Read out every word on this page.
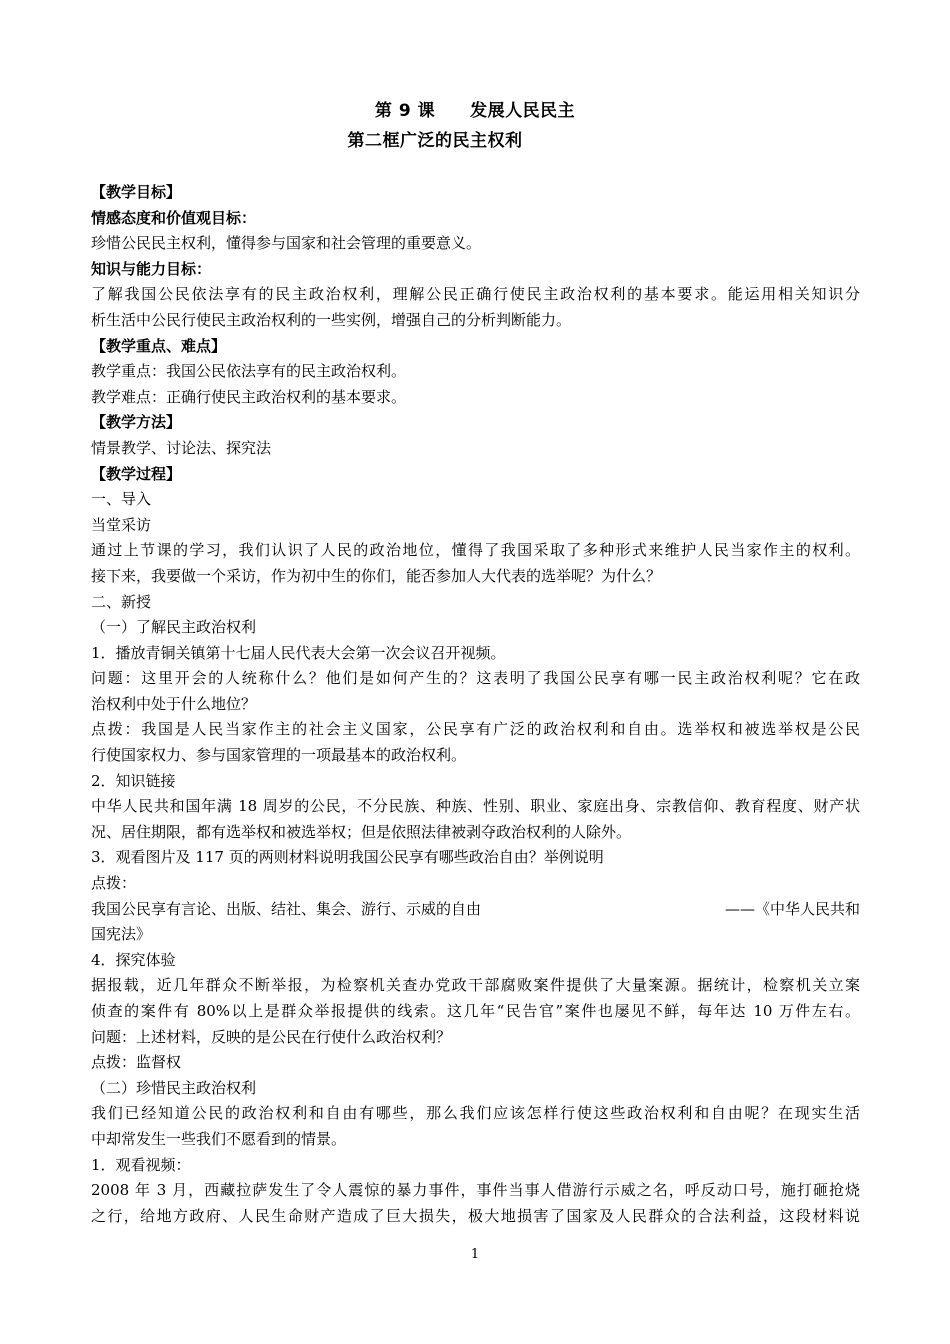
第 9 课　　发展人民民主
第二框广泛的民主权利
【教学目标】
情感态度和价值观目标：
珍惜公民民主权利，懂得参与国家和社会管理的重要意义。
知识与能力目标：
了解我国公民依法享有的民主政治权利，理解公民正确行使民主政治权利的基本要求。能运用相关知识分
析生活中公民行使民主政治权利的一些实例，增强自己的分析判断能力。
【教学重点、难点】
教学重点：我国公民依法享有的民主政治权利。
教学难点：正确行使民主政治权利的基本要求。
【教学方法】
情景教学、讨论法、探究法
【教学过程】
一、导入
当堂采访
通过上节课的学习，我们认识了人民的政治地位，懂得了我国采取了多种形式来维护人民当家作主的权利。
接下来，我要做一个采访，作为初中生的你们，能否参加人大代表的选举呢？为什么？
二、新授
（一）了解民主政治权利
1．播放青铜关镇第十七届人民代表大会第一次会议召开视频。
问题：这里开会的人统称什么？他们是如何产生的？这表明了我国公民享有哪一民主政治权利呢？它在政
治权利中处于什么地位？
点拨：我国是人民当家作主的社会主义国家，公民享有广泛的政治权利和自由。选举权和被选举权是公民
行使国家权力、参与国家管理的一项最基本的政治权利。
2．知识链接
中华人民共和国年满 18 周岁的公民，不分民族、种族、性别、职业、家庭出身、宗教信仰、教育程度、财产状
况、居住期限，都有选举权和被选举权；但是依照法律被剥夺政治权利的人除外。
3．观看图片及 117 页的两则材料说明我国公民享有哪些政治自由？举例说明
点拨：
我国公民享有言论、出版、结社、集会、游行、示威的自由	——《中华人民共和
国宪法》
4．探究体验
据报载，近几年群众不断举报，为检察机关查办党政干部腐败案件提供了大量案源。据统计，检察机关立案
侦查的案件有 80%以上是群众举报提供的线索。这几年“民告官”案件也屡见不鲜，每年达 10 万件左右。
问题：上述材料，反映的是公民在行使什么政治权利？
点拨：监督权
（二）珍惜民主政治权利
我们已经知道公民的政治权利和自由有哪些，那么我们应该怎样行使这些政治权利和自由呢？在现实生活
中却常发生一些我们不愿看到的情景。
1．观看视频：
2008 年 3 月，西藏拉萨发生了令人震惊的暴力事件，事件当事人借游行示威之名，呼反动口号，施打砸抢烧
之行，给地方政府、人民生命财产造成了巨大损失，极大地损害了国家及人民群众的合法利益，这段材料说
1
